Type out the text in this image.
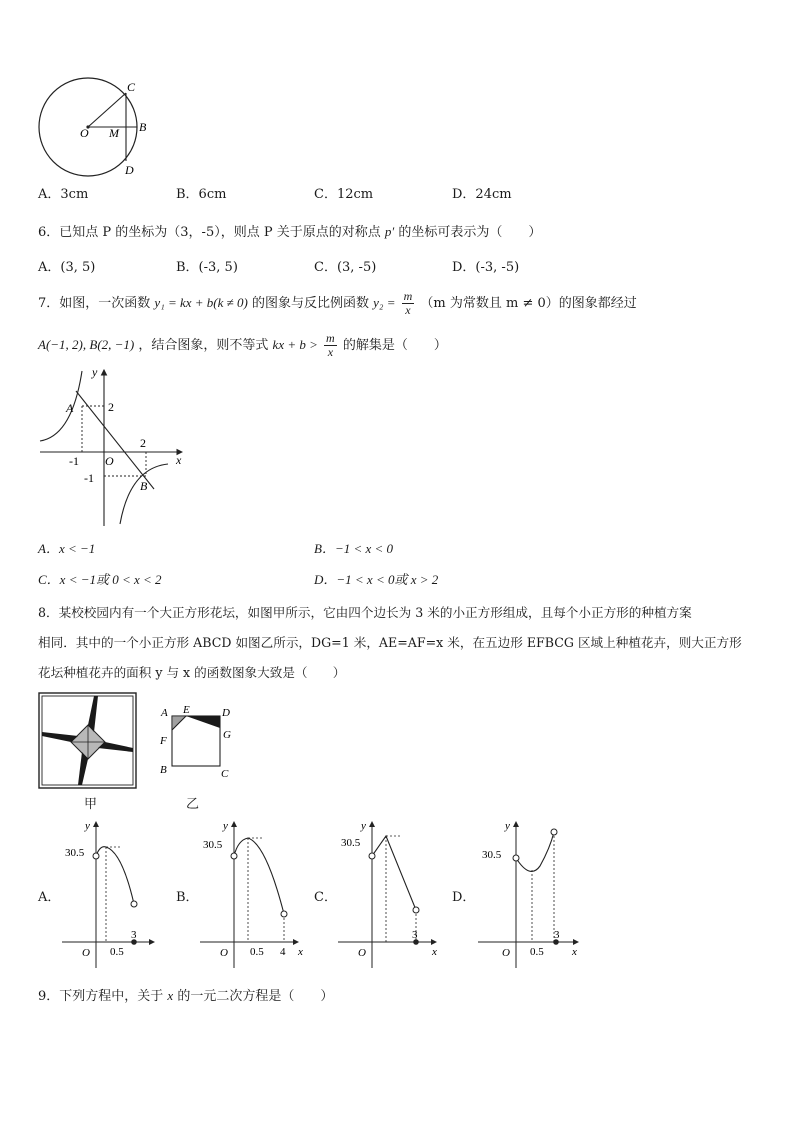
O M B
C
D
A．3cm	B．6cm	C．12cm	D．24cm
6．已知点 P 的坐标为（3，-5），则点 P 关于原点的对称点 p′ 的坐标可表示为（　　）
A．(3, 5)	B．(-3, 5)	C．(3, -5)	D．(-3, -5)
7．如图，一次函数 y₁ = kx + b(k ≠ 0) 的图象与反比例函数 $y_2 = \frac{m}{x} (m$ 为常数且 m ≠ 0）的图象都经过
A(−1, 2), B(2, −1) ，结合图象，则不等式 kx + $b > \frac{m}{x}$ 的解集是（　　）
y
x
O
A
B
2
2
-1
-1
A．x < −1	B．−1 < x < 0
C．x < −1或 0 < x < 2	D．−1 < x < 0或 x > 2
8．某校校园内有一个大正方形花坛，如图甲所示，它由四个边长为 3 米的小正方形组成，且每个小正方形的种植方案
相同．其中的一个小正方形 ABCD 如图乙所示，DG=1 米，AE=AF=x 米，在五边形 EFBCG 区域上种植花卉，则大正方形
花坛种植花卉的面积 y 与 x 的函数图象大致是（　　）
甲
A E	D
F	G
B	C
乙
A．	B．	C．	D．
y
30.5
O 0.5
3
y
30.5
O 0.5 4 x
y
30.5
O
3
x
y
30.5
O 0.5
3
x
9．下列方程中，关于 x 的一元二次方程是（　　）
